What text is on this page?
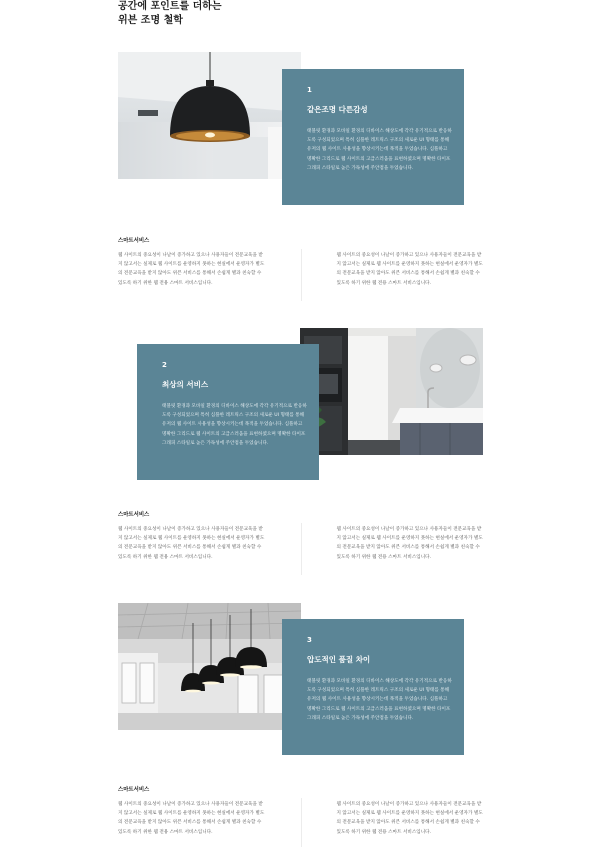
공간에 포인트를 더하는
위븐 조명 철학
1
같은조명 다른감성
태블릿 환경과 모바일 환경의 디바이스 해상도에 각각 유기적으로 반응하도록 구성되었으며 특히 심플한 레트릭스 구조의 새로운 UI 형태를 통해 유저의 웹 사이트 사용성을 향상시키는데 목적을 두었습니다. 심플하고 명확한 그리드로 웹 사이트의 고급스러움을 표현하였으며 명확한 타이포그래피 스타일로 높은 가독성에 주안점을 두었습니다.
스마트서비스
웹 사이트의 중요성이 나날이 증가하고 있으나 사용자들이 전문교육을 받지 않고서는 실제로 웹 사이트를 운영하지 못하는 현실에서 운영자가 별도의 전문교육을 받지 않아도 위븐 서비스를 통해서 손쉽게 별과 친숙할 수 있도록 하기 위한 웹 전용 스마트 서비스입니다.
웹 사이트의 중요성이 나날이 증가하고 있으나 사용자들이 전문교육을 받지 않고서는 실제로 웹 사이트를 운영하지 못하는 현실에서 운영자가 별도의 전문교육을 받지 않아도 위븐 서비스를 통해서 손쉽게 별과 친숙할 수 있도록 하기 위한 웹 전용 스마트 서비스입니다.
2
최상의 서비스
태블릿 환경과 모바일 환경의 디바이스 해상도에 각각 유기적으로 반응하도록 구성되었으며 특히 심플한 레트릭스 구조의 새로운 UI 형태를 통해 유저의 웹 사이트 사용성을 향상시키는데 목적을 두었습니다. 심플하고 명확한 그리드로 웹 사이트의 고급스러움을 표현하였으며 명확한 타이포그래피 스타일로 높은 가독성에 주안점을 두었습니다.
스마트서비스
웹 사이트의 중요성이 나날이 증가하고 있으나 사용자들이 전문교육을 받지 않고서는 실제로 웹 사이트를 운영하지 못하는 현실에서 운영자가 별도의 전문교육을 받지 않아도 위븐 서비스를 통해서 손쉽게 별과 친숙할 수 있도록 하기 위한 웹 전용 스마트 서비스입니다.
웹 사이트의 중요성이 나날이 증가하고 있으나 사용자들이 전문교육을 받지 않고서는 실제로 웹 사이트를 운영하지 못하는 현실에서 운영자가 별도의 전문교육을 받지 않아도 위븐 서비스를 통해서 손쉽게 별과 친숙할 수 있도록 하기 위한 웹 전용 스마트 서비스입니다.
3
압도적인 품질 차이
태블릿 환경과 모바일 환경의 디바이스 해상도에 각각 유기적으로 반응하도록 구성되었으며 특히 심플한 레트릭스 구조의 새로운 UI 형태를 통해 유저의 웹 사이트 사용성을 향상시키는데 목적을 두었습니다. 심플하고 명확한 그리드로 웹 사이트의 고급스러움을 표현하였으며 명확한 타이포그래피 스타일로 높은 가독성에 주안점을 두었습니다.
스마트서비스
웹 사이트의 중요성이 나날이 증가하고 있으나 사용자들이 전문교육을 받지 않고서는 실제로 웹 사이트를 운영하지 못하는 현실에서 운영자가 별도의 전문교육을 받지 않아도 위븐 서비스를 통해서 손쉽게 별과 친숙할 수 있도록 하기 위한 웹 전용 스마트 서비스입니다.
웹 사이트의 중요성이 나날이 증가하고 있으나 사용자들이 전문교육을 받지 않고서는 실제로 웹 사이트를 운영하지 못하는 현실에서 운영자가 별도의 전문교육을 받지 않아도 위븐 서비스를 통해서 손쉽게 별과 친숙할 수 있도록 하기 위한 웹 전용 스마트 서비스입니다.
